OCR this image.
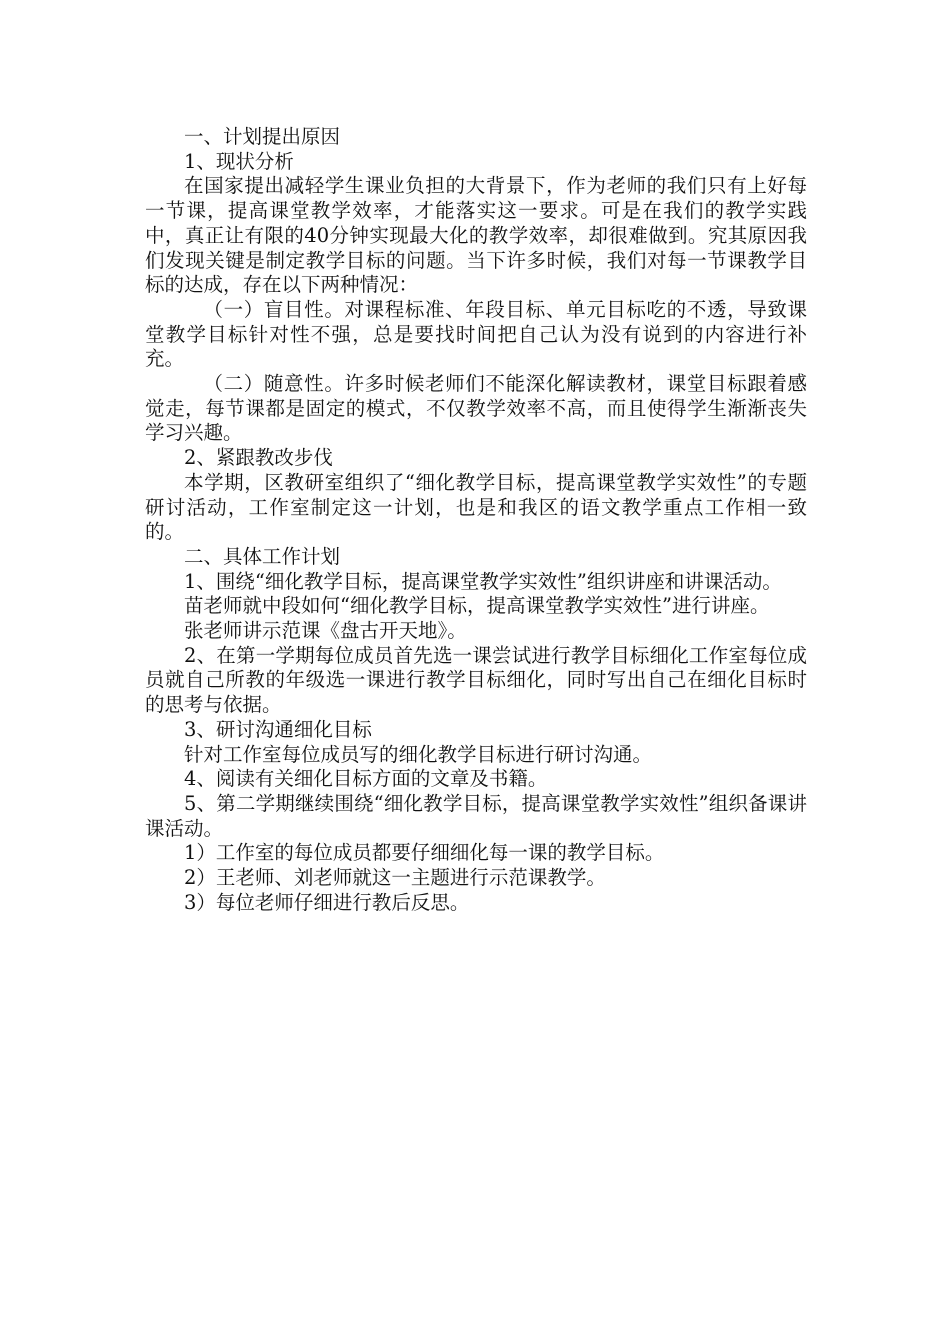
一、计划提出原因

1、现状分析

在国家提出减轻学生课业负担的大背景下，作为老师的我们只有上好每一节课，提高课堂教学效率，才能落实这一要求。可是在我们的教学实践中，真正让有限的40分钟实现最大化的教学效率，却很难做到。究其原因我们发现关键是制定教学目标的问题。当下许多时候，我们对每一节课教学目标的达成，存在以下两种情况：

（一）盲目性。对课程标准、年段目标、单元目标吃的不透，导致课堂教学目标针对性不强，总是要找时间把自己认为没有说到的内容进行补充。

（二）随意性。许多时候老师们不能深化解读教材，课堂目标跟着感觉走，每节课都是固定的模式，不仅教学效率不高，而且使得学生渐渐丧失学习兴趣。

2、紧跟教改步伐

本学期，区教研室组织了“细化教学目标，提高课堂教学实效性”的专题研讨活动，工作室制定这一计划，也是和我区的语文教学重点工作相一致的。

二、具体工作计划

1、围绕“细化教学目标，提高课堂教学实效性”组织讲座和讲课活动。

苗老师就中段如何“细化教学目标，提高课堂教学实效性”进行讲座。

张老师讲示范课《盘古开天地》。

2、在第一学期每位成员首先选一课尝试进行教学目标细化工作室每位成员就自己所教的年级选一课进行教学目标细化，同时写出自己在细化目标时的思考与依据。

3、研讨沟通细化目标

针对工作室每位成员写的细化教学目标进行研讨沟通。

4、阅读有关细化目标方面的文章及书籍。

5、第二学期继续围绕“细化教学目标，提高课堂教学实效性”组织备课讲课活动。

1）工作室的每位成员都要仔细细化每一课的教学目标。

2）王老师、刘老师就这一主题进行示范课教学。

3）每位老师仔细进行教后反思。
